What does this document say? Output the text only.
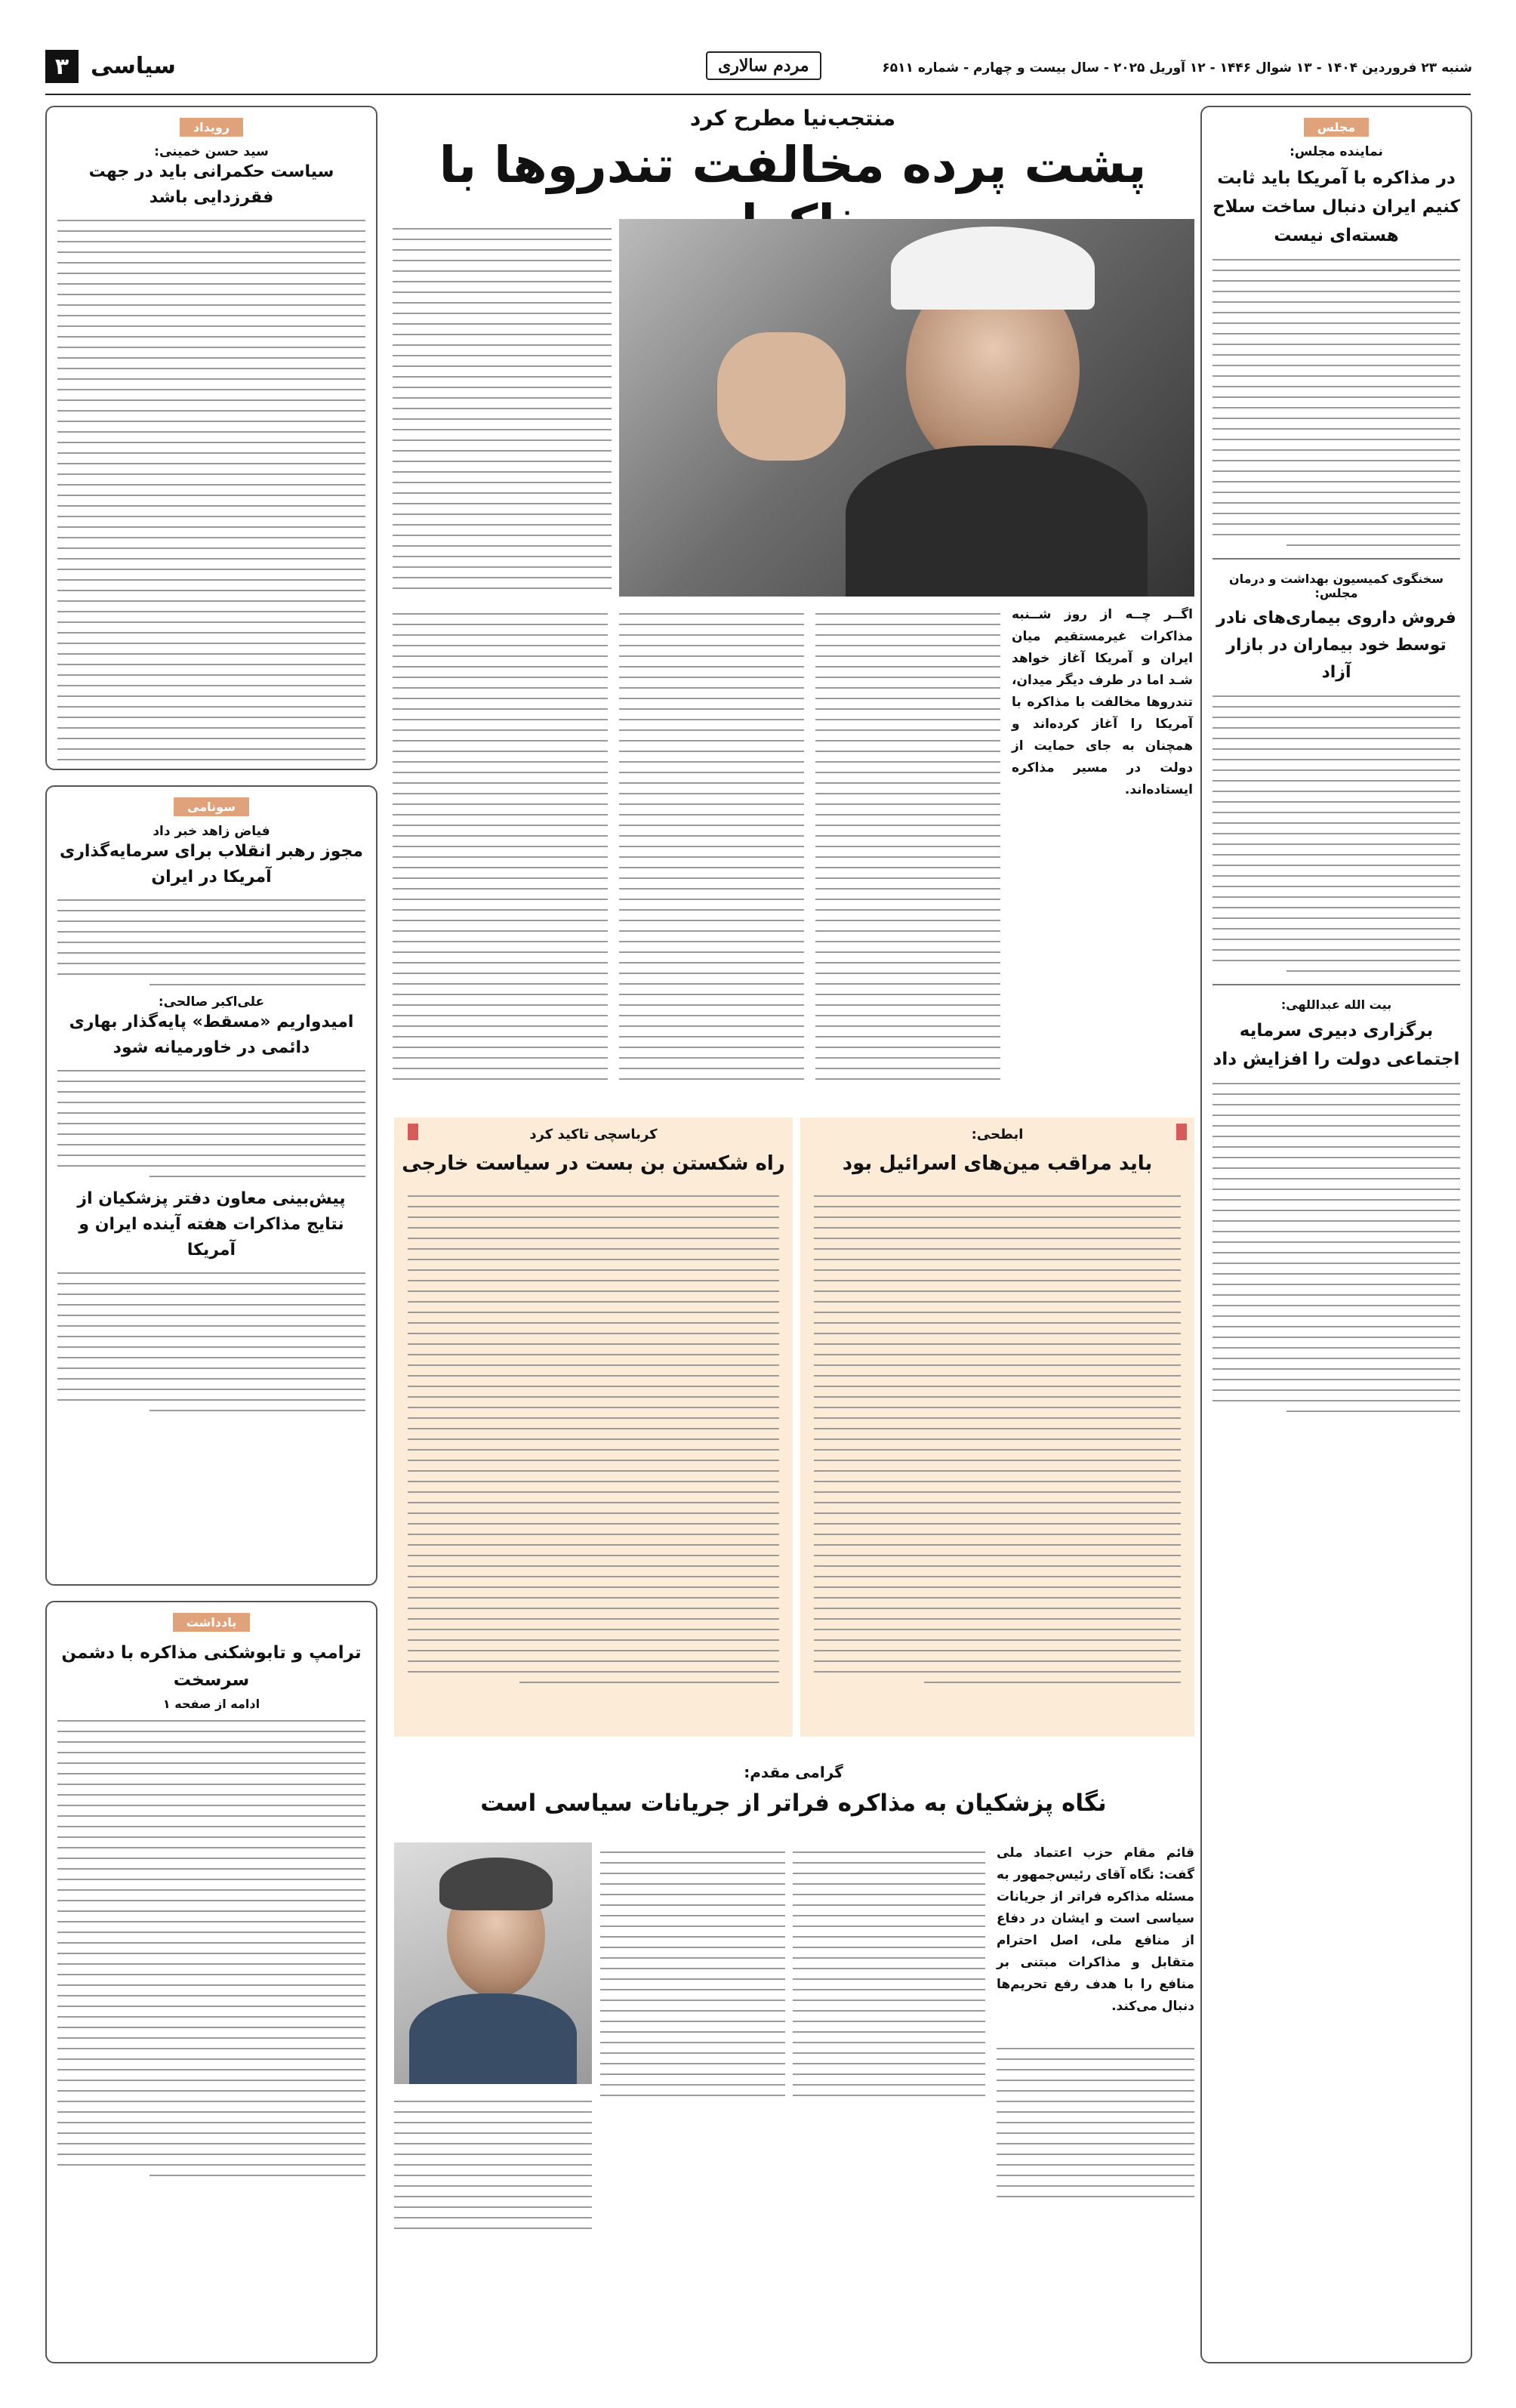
شنبه ۲۳ فروردین ۱۴۰۴ - ۱۳ شوال ۱۴۴۶ - ۱۲ آوریل ۲۰۲۵ - سال بیست و چهارم - شماره ۶۵۱۱
مردم سالاری
سیاسی
۳
مجلس
نماینده مجلس:
در مذاکره با آمریکا باید ثابت کنیم ایران دنبال ساخت سلاح هسته‌ای نیست
سخنگوی کمیسیون بهداشت و درمان مجلس:
فروش داروی بیماری‌های نادر توسط خود بیماران در بازار آزاد
بیت الله عبداللهی:
برگزاری دبیری سرمایه اجتماعی دولت را افزایش داد
منتجب‌نیا مطرح کرد
پشت پرده مخالفت تندروها با
اگــر چــه از روز شــنبه مذاکرات غیرمستقیم میان ایران و آمریکا آغاز خواهد شـد اما در طرف دیگر میدان، تندروها مخالفت با مذاکره با آمریکا را آغاز کرده‌اند و همچنان به جای حمایت از دولت در مسیر مذاکره ایستاده‌اند.
کرباسچی تاکید کرد
راه شکستن بن بست در سیاست خارجی
ابطحی:
باید مراقب مین‌های اسرائیل بود
گرامی مقدم:
نگاه پزشکیان به مذاکره فراتر از جریانات سیاسی است
قائم مقام حزب اعتماد ملی گفت: نگاه آقای رئیس‌جمهور به مسئله مذاکره فراتر از جریانات سیاسی است و ایشان در دفاع از منافع ملی، اصل احترام متقابل و مذاکرات مبتنی بر منافع را با هدف رفع تحریم‌ها دنبال می‌کند.
رویداد
سید حسن خمینی:
سیاست حکمرانی باید در جهت فقرزدایی باشد
سونامی
فیاض زاهد خبر داد
مجوز رهبر انقلاب برای سرمایه‌گذاری آمریکا در ایران
علی‌اکبر صالحی:
امیدواریم «مسقط» پایه‌گذار بهاری دائمی در خاورمیانه شود
پیش‌بینی معاون دفتر پزشکیان از نتایج مذاکرات هفته آینده ایران و آمریکا
یادداشت
ترامپ و تابوشکنی مذاکره با دشمن سرسخت
ادامه از صفحه ۱
